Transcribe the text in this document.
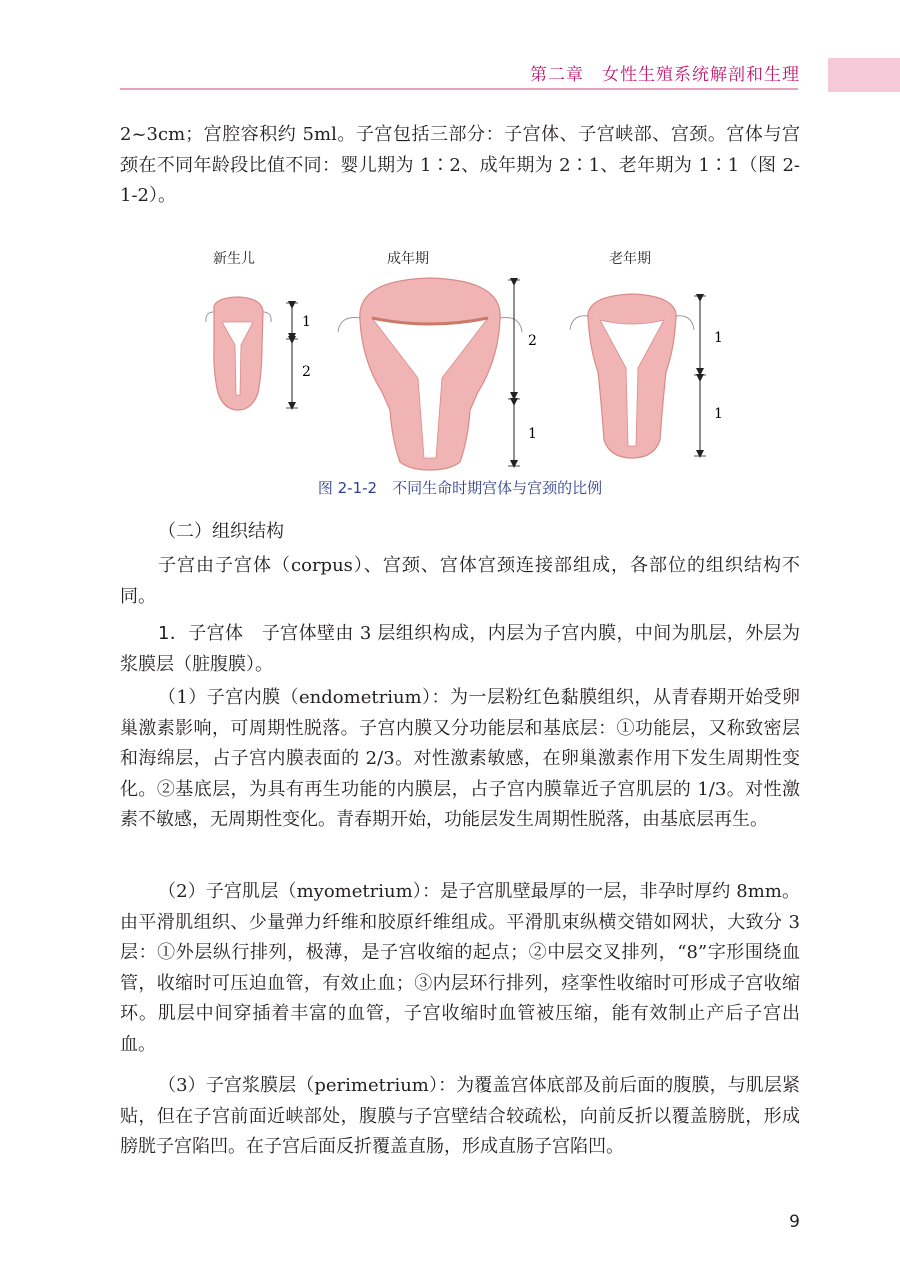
第二章　女性生殖系统解剖和生理

2~3cm；宫腔容积约 5ml。子宫包括三部分：子宫体、子宫峡部、宫颈。宫体与宫颈在不同年龄段比值不同：婴儿期为 1∶2、成年期为 2∶1、老年期为 1∶1（图 2-1-2）。

新生儿	成年期	老年期
1
2
2
1
1
1
图 2-1-2　不同生命时期宫体与宫颈的比例
（二）组织结构

子宫由子宫体（corpus）、宫颈、宫体宫颈连接部组成，各部位的组织结构不同。

1．子宫体　 子宫体壁由 3 层组织构成，内层为子宫内膜，中间为肌层，外层为浆膜层（脏腹膜）。

（1）子宫内膜（endometrium）：为一层粉红色黏膜组织，从青春期开始受卵巢激素影响，可周期性脱落。子宫内膜又分功能层和基底层：①功能层，又称致密层和海绵层，占子宫内膜表面的 2/3。对性激素敏感，在卵巢激素作用下发生周期性变化。②基底层，为具有再生功能的内膜层，占子宫内膜靠近子宫肌层的 1/3。对性激素不敏感，无周期性变化。青春期开始，功能层发生周期性脱落，由基底层再生。

（2）子宫肌层（myometrium）：是子宫肌壁最厚的一层，非孕时厚约 8mm。由平滑肌组织、少量弹力纤维和胶原纤维组成。平滑肌束纵横交错如网状，大致分 3 层：①外层纵行排列，极薄，是子宫收缩的起点；②中层交叉排列，“8”字形围绕血管，收缩时可压迫血管，有效止血；③内层环行排列，痉挛性收缩时可形成子宫收缩环。肌层中间穿插着丰富的血管，子宫收缩时血管被压缩，能有效制止产后子宫出血。

（3）子宫浆膜层（perimetrium）：为覆盖宫体底部及前后面的腹膜，与肌层紧贴，但在子宫前面近峡部处，腹膜与子宫壁结合较疏松，向前反折以覆盖膀胱，形成膀胱子宫陷凹。在子宫后面反折覆盖直肠，形成直肠子宫陷凹。

9
